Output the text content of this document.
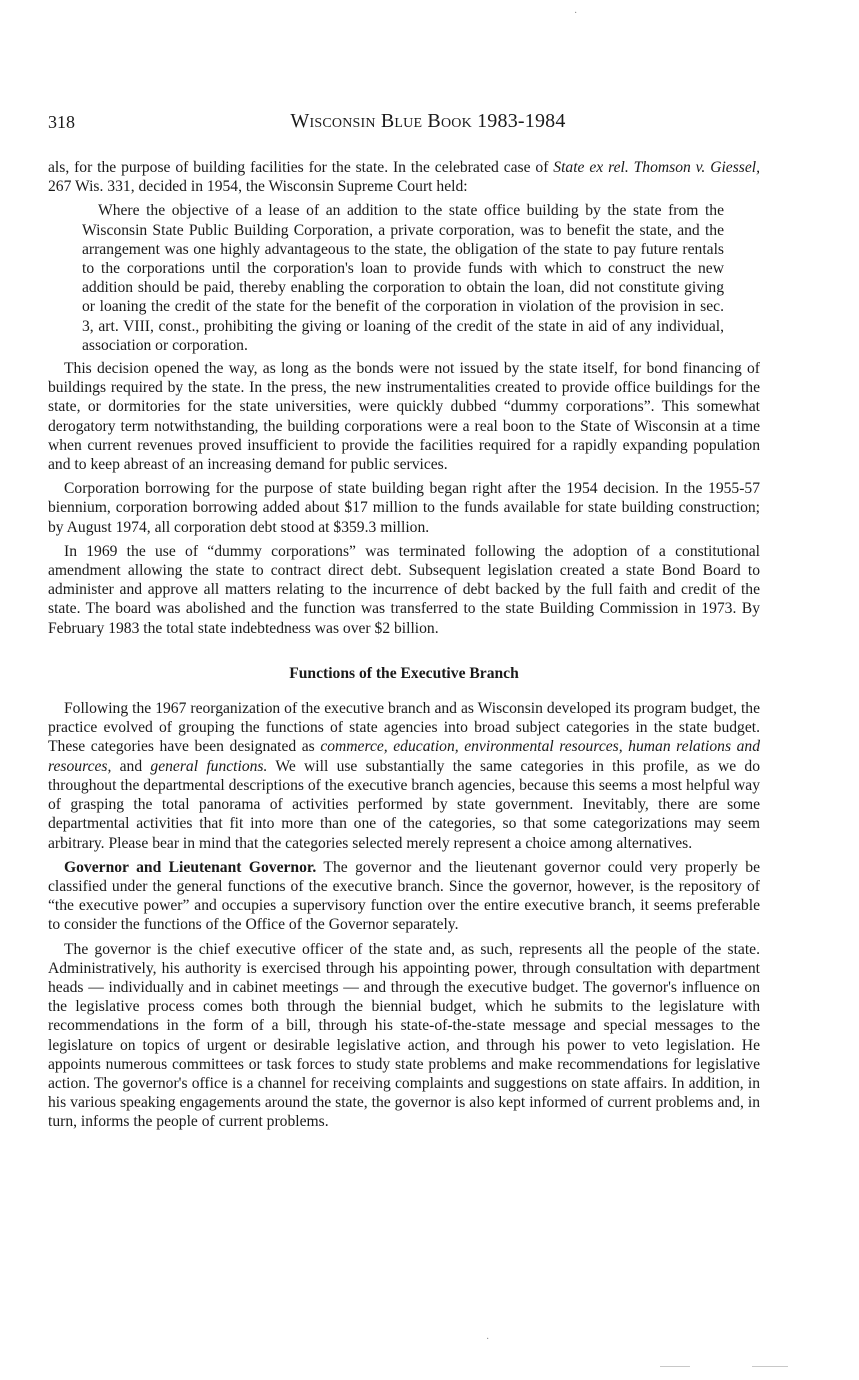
318	Wisconsin Blue Book 1983-1984

als, for the purpose of building facilities for the state. In the celebrated case of State ex rel. Thomson v. Giessel, 267 Wis. 331, decided in 1954, the Wisconsin Supreme Court held:

Where the objective of a lease of an addition to the state office building by the state from the Wisconsin State Public Building Corporation, a private corporation, was to benefit the state, and the arrangement was one highly advantageous to the state, the obligation of the state to pay future rentals to the corporations until the corporation's loan to provide funds with which to construct the new addition should be paid, thereby enabling the corporation to obtain the loan, did not constitute giving or loaning the credit of the state for the benefit of the corporation in violation of the provision in sec. 3, art. VIII, const., prohibiting the giving or loaning of the credit of the state in aid of any individual, association or corporation.

This decision opened the way, as long as the bonds were not issued by the state itself, for bond financing of buildings required by the state. In the press, the new instrumentalities created to provide office buildings for the state, or dormitories for the state universities, were quickly dubbed “dummy corporations”. This somewhat derogatory term notwithstanding, the building corporations were a real boon to the State of Wisconsin at a time when current revenues proved insufficient to provide the facilities required for a rapidly expanding population and to keep abreast of an increasing demand for public services.

Corporation borrowing for the purpose of state building began right after the 1954 decision. In the 1955-57 biennium, corporation borrowing added about $17 million to the funds available for state building construction; by August 1974, all corporation debt stood at $359.3 million.

In 1969 the use of “dummy corporations” was terminated following the adoption of a constitutional amendment allowing the state to contract direct debt. Subsequent legislation created a state Bond Board to administer and approve all matters relating to the incurrence of debt backed by the full faith and credit of the state. The board was abolished and the function was transferred to the state Building Commission in 1973. By February 1983 the total state indebtedness was over $2 billion.

Functions of the Executive Branch

Following the 1967 reorganization of the executive branch and as Wisconsin developed its program budget, the practice evolved of grouping the functions of state agencies into broad subject categories in the state budget. These categories have been designated as commerce, education, environmental resources, human relations and resources, and general functions. We will use substantially the same categories in this profile, as we do throughout the departmental descriptions of the executive branch agencies, because this seems a most helpful way of grasping the total panorama of activities performed by state government. Inevitably, there are some departmental activities that fit into more than one of the categories, so that some categorizations may seem arbitrary. Please bear in mind that the categories selected merely represent a choice among alternatives.

Governor and Lieutenant Governor. The governor and the lieutenant governor could very properly be classified under the general functions of the executive branch. Since the governor, however, is the repository of “the executive power” and occupies a supervisory function over the entire executive branch, it seems preferable to consider the functions of the Office of the Governor separately.

The governor is the chief executive officer of the state and, as such, represents all the people of the state. Administratively, his authority is exercised through his appointing power, through consultation with department heads — individually and in cabinet meetings — and through the executive budget. The governor's influence on the legislative process comes both through the biennial budget, which he submits to the legislature with recommendations in the form of a bill, through his state-of-the-state message and special messages to the legislature on topics of urgent or desirable legislative action, and through his power to veto legislation. He appoints numerous committees or task forces to study state problems and make recommendations for legislative action. The governor's office is a channel for receiving complaints and suggestions on state affairs. In addition, in his various speaking engagements around the state, the governor is also kept informed of current problems and, in turn, informs the people of current problems.

·
·
